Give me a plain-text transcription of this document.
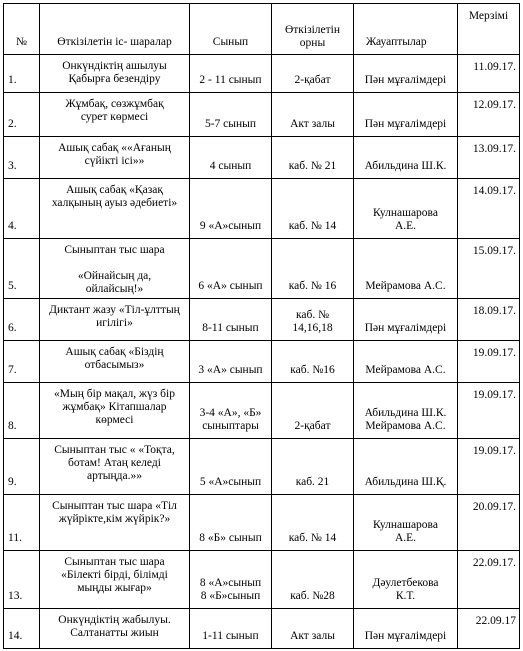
№	Өткізілетін іс- шаралар	Сынып	Өткізілетін орны	Жауаптылар	Мерзімі
1.	Онкүндіктің ашылуы
Қабырға безендіру	2 - 11 сынып	2-қабат	Пән мұғалімдері	11.09.17.
2.	Жұмбақ, сөзжұмбақ
сурет көрмесі	5-7 сынып	Акт залы	Пән мұғалімдері	12.09.17.
3.	Ашық сабақ ««Ағаның
сүйікті ісі»»	4 сынып	каб. № 21	Абильдина Ш.К.	13.09.17.
4.	Ашық сабақ «Қазақ
халқының ауыз әдебиеті»	9 «А»сынып	каб. № 14	Кулнашарова
А.Е.	14.09.17.
5.	Сыныптан тыс шара

«Ойнайсың да,
ойлайсың!»	6 «А» сынып	каб. № 16	Мейрамова А.С.	15.09.17.
6.	Диктант жазу «Тіл-ұлттың
игілігі»	8-11 сынып	каб. №
14,16,18	Пән мұғалімдері	18.09.17.
7.	Ашық сабақ «Біздің
отбасымыз»	3 «А» сынып	каб. №16	Мейрамова А.С.	19.09.17.
8.	«Мың бір мақал, жүз бір
жұмбақ» Кітапшалар
көрмесі	3-4 «А», «Б»
сыныптары	2-қабат	Абильдина Ш.К.
Мейрамова А.С.	19.09.17.
9.	Сыныптан тыс « «Тоқта,
ботам! Атаң келеді
артыңда.»»	5 «А»сынып	каб. 21	Абильдина Ш.Қ.	19.09.17.
11.	Сыныптан тыс шара «Тіл
жүйрікте,кім жүйрік?»	8 «Б» сынып	каб. № 14	Кулнашарова
А.Е.	20.09.17.
13.	Сыныптан тыс шара
«Білекті бірді, білімді
мыңды жығар»	8 «А»сынып
8 «Б»сынып	каб. №28	Дәулетбекова
К.Т.	22.09.17.
14.	Онкүндіктің жабылуы.
Салтанатты жиын	1-11 сынып	Акт залы	Пән мұғалімдері	22.09.17
